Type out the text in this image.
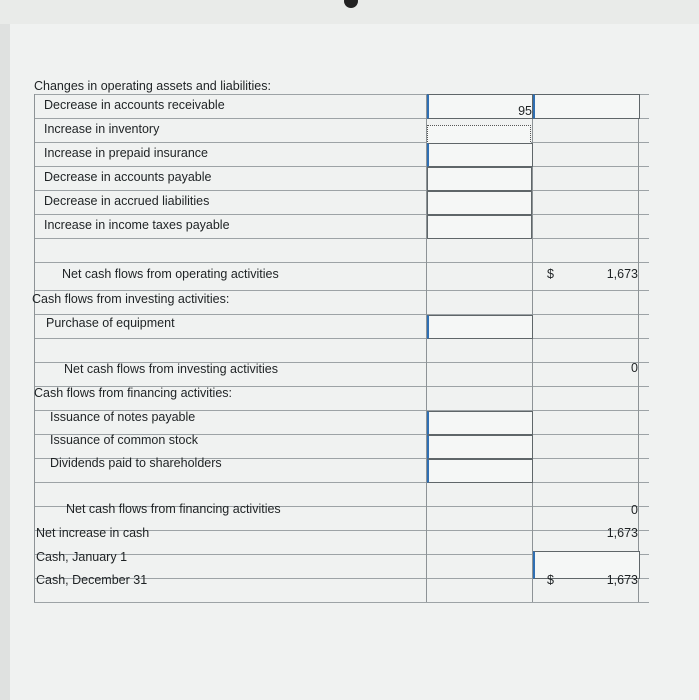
Changes in operating assets and liabilities:
Decrease in accounts receivable
Increase in inventory
Increase in prepaid insurance
Decrease in accounts payable
Decrease in accrued liabilities
Increase in income taxes payable
Net cash flows from operating activities
Cash flows from investing activities:
Purchase of equipment
Net cash flows from investing activities
Cash flows from financing activities:
Issuance of notes payable
Issuance of common stock
Dividends paid to shareholders
Net cash flows from financing activities
Net increase in cash
Cash, January 1
Cash, December 31
95
$	1,673
0
0
1,673
$	1,673
